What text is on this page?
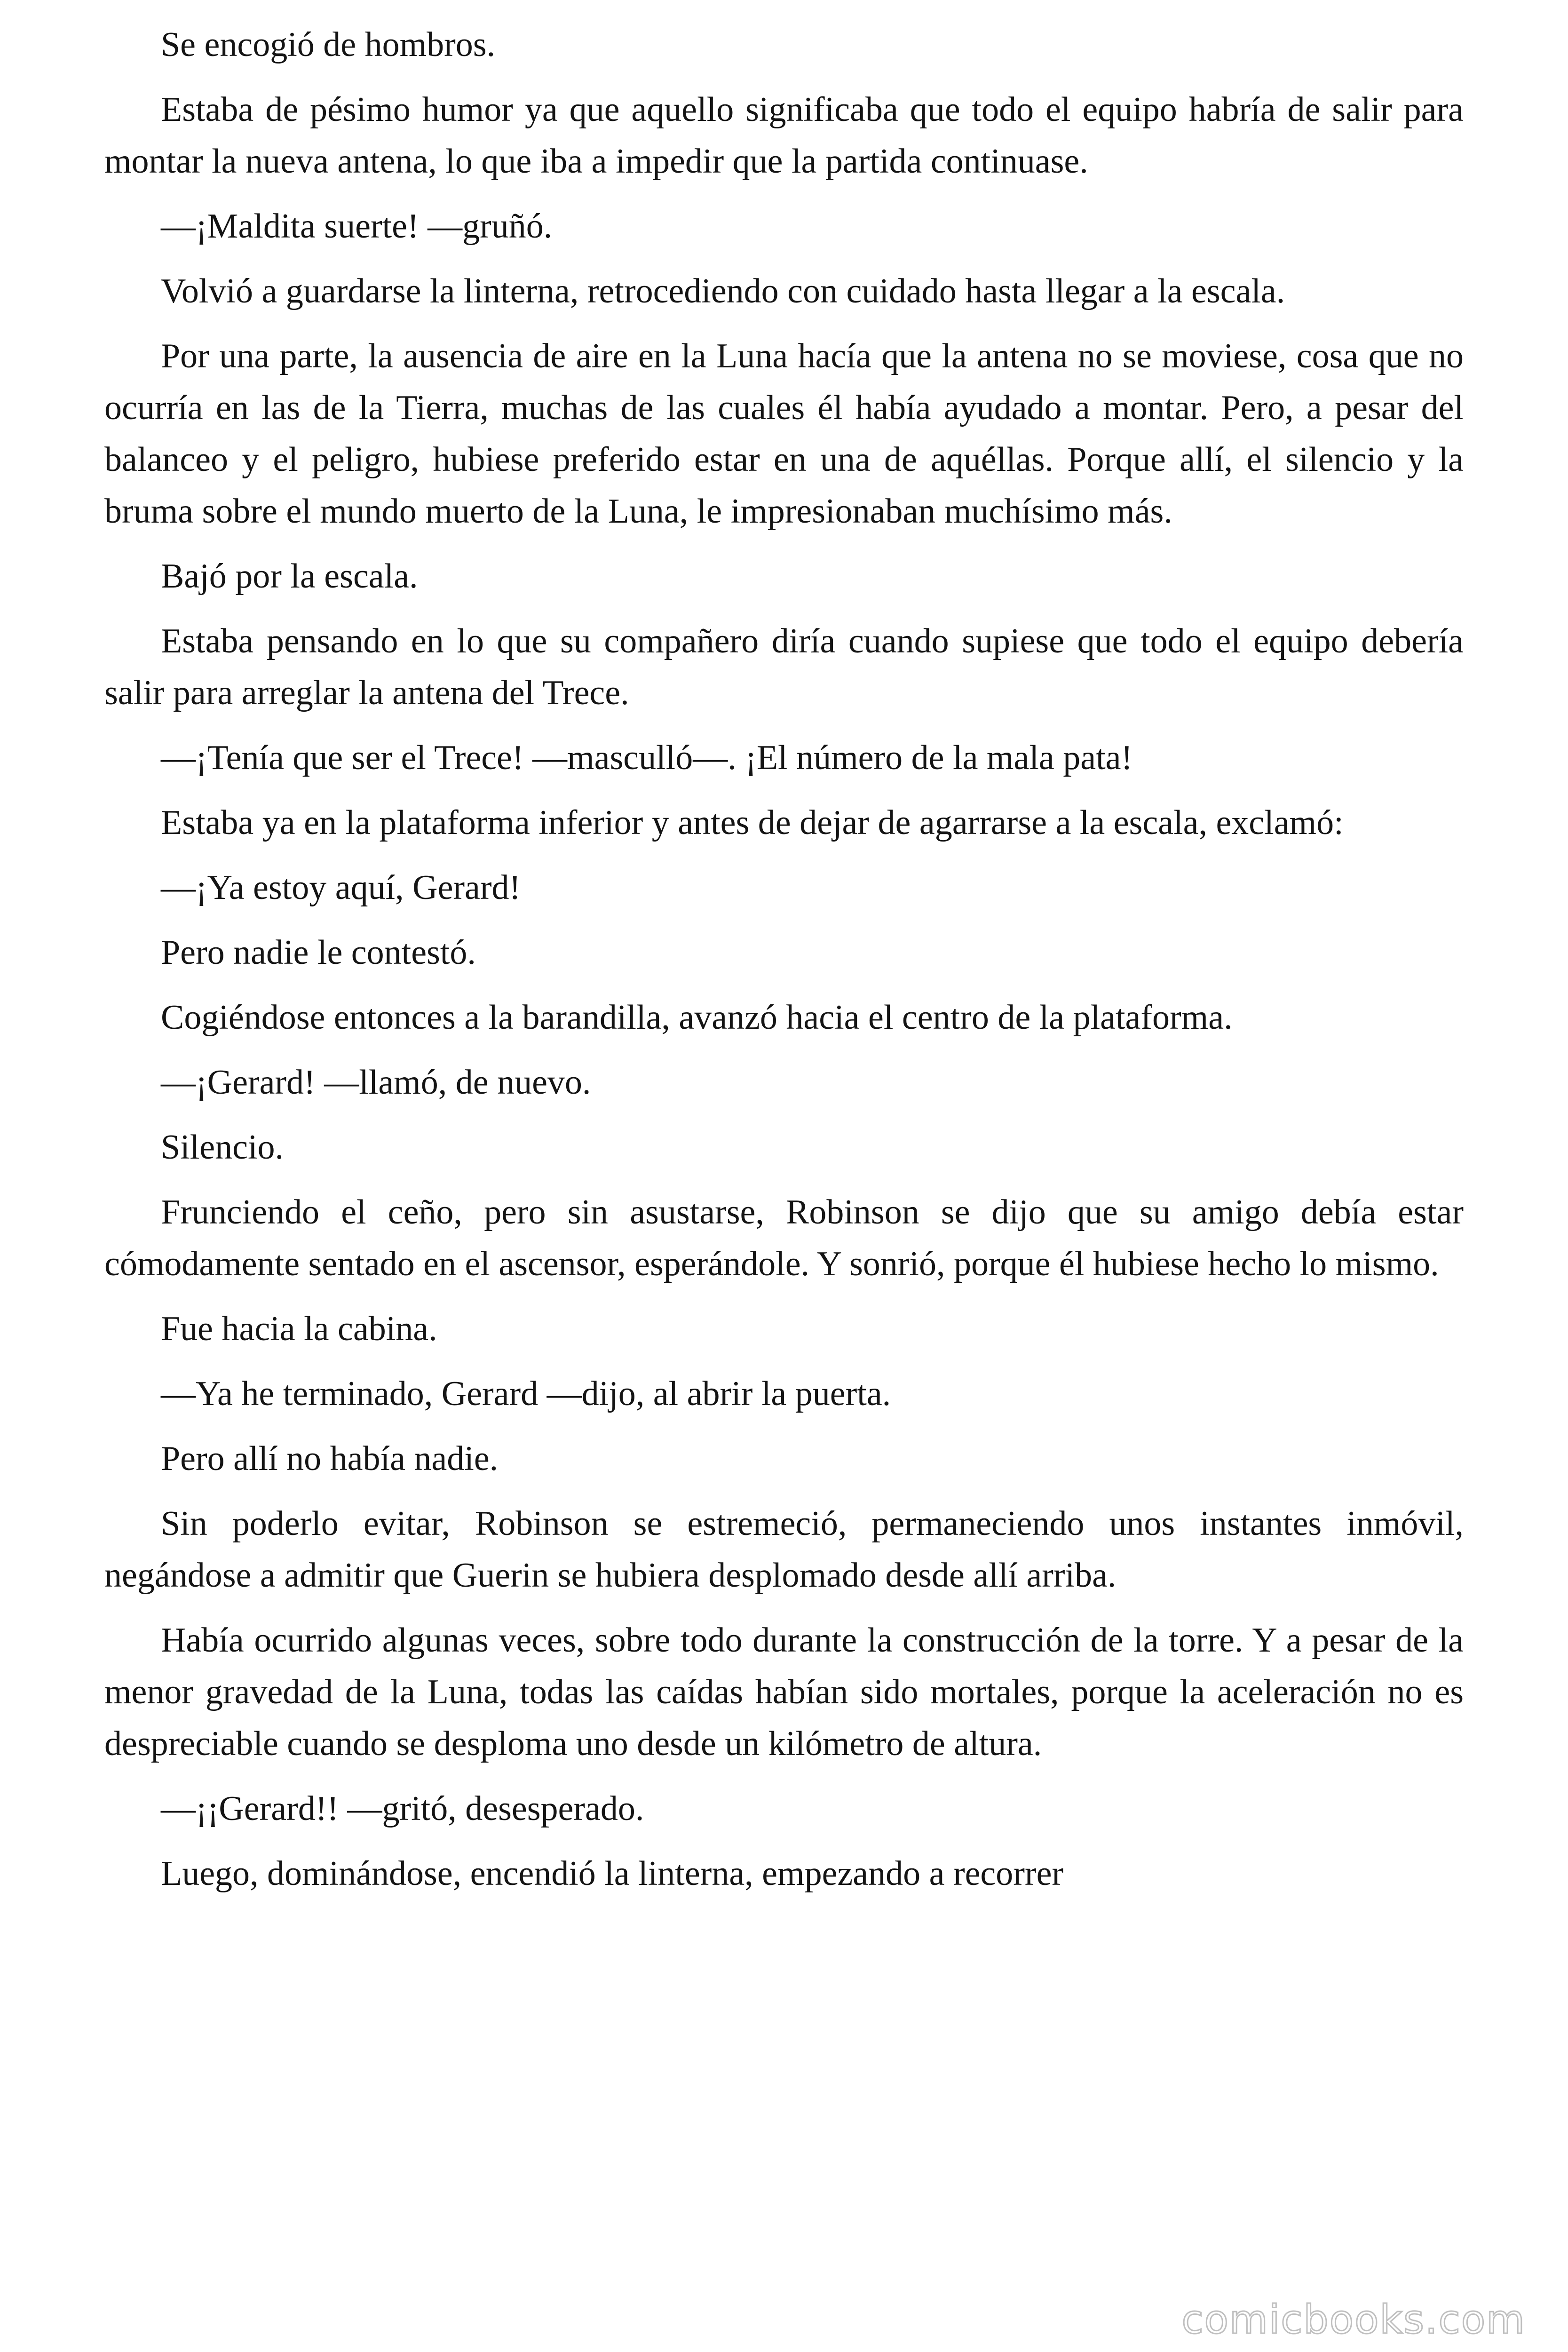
Se encogió de hombros.

Estaba de pésimo humor ya que aquello significaba que todo el equipo habría de salir para montar la nueva antena, lo que iba a impedir que la partida continuase.

—¡Maldita suerte! —gruñó.

Volvió a guardarse la linterna, retrocediendo con cuidado hasta llegar a la escala.

Por una parte, la ausencia de aire en la Luna hacía que la antena no se moviese, cosa que no ocurría en las de la Tierra, muchas de las cuales él había ayudado a montar. Pero, a pesar del balanceo y el peligro, hubiese preferido estar en una de aquéllas. Porque allí, el silencio y la bruma sobre el mundo muerto de la Luna, le impresionaban muchísimo más.

Bajó por la escala.

Estaba pensando en lo que su compañero diría cuando supiese que todo el equipo debería salir para arreglar la antena del Trece.

—¡Tenía que ser el Trece! —masculló—. ¡El número de la mala pata!

Estaba ya en la plataforma inferior y antes de dejar de agarrarse a la escala, exclamó:

—¡Ya estoy aquí, Gerard!

Pero nadie le contestó.

Cogiéndose entonces a la barandilla, avanzó hacia el centro de la plataforma.

—¡Gerard! —llamó, de nuevo.

Silencio.

Frunciendo el ceño, pero sin asustarse, Robinson se dijo que su amigo debía estar cómodamente sentado en el ascensor, esperándole. Y sonrió, porque él hubiese hecho lo mismo.

Fue hacia la cabina.

—Ya he terminado, Gerard —dijo, al abrir la puerta.

Pero allí no había nadie.

Sin poderlo evitar, Robinson se estremeció, permaneciendo unos instantes inmóvil, negándose a admitir que Guerin se hubiera desplomado desde allí arriba.

Había ocurrido algunas veces, sobre todo durante la construcción de la torre. Y a pesar de la menor gravedad de la Luna, todas las caídas habían sido mortales, porque la aceleración no es despreciable cuando se desploma uno desde un kilómetro de altura.

—¡¡Gerard!! —gritó, desesperado.

Luego, dominándose, encendió la linterna, empezando a recorrer

comicbooks.com
